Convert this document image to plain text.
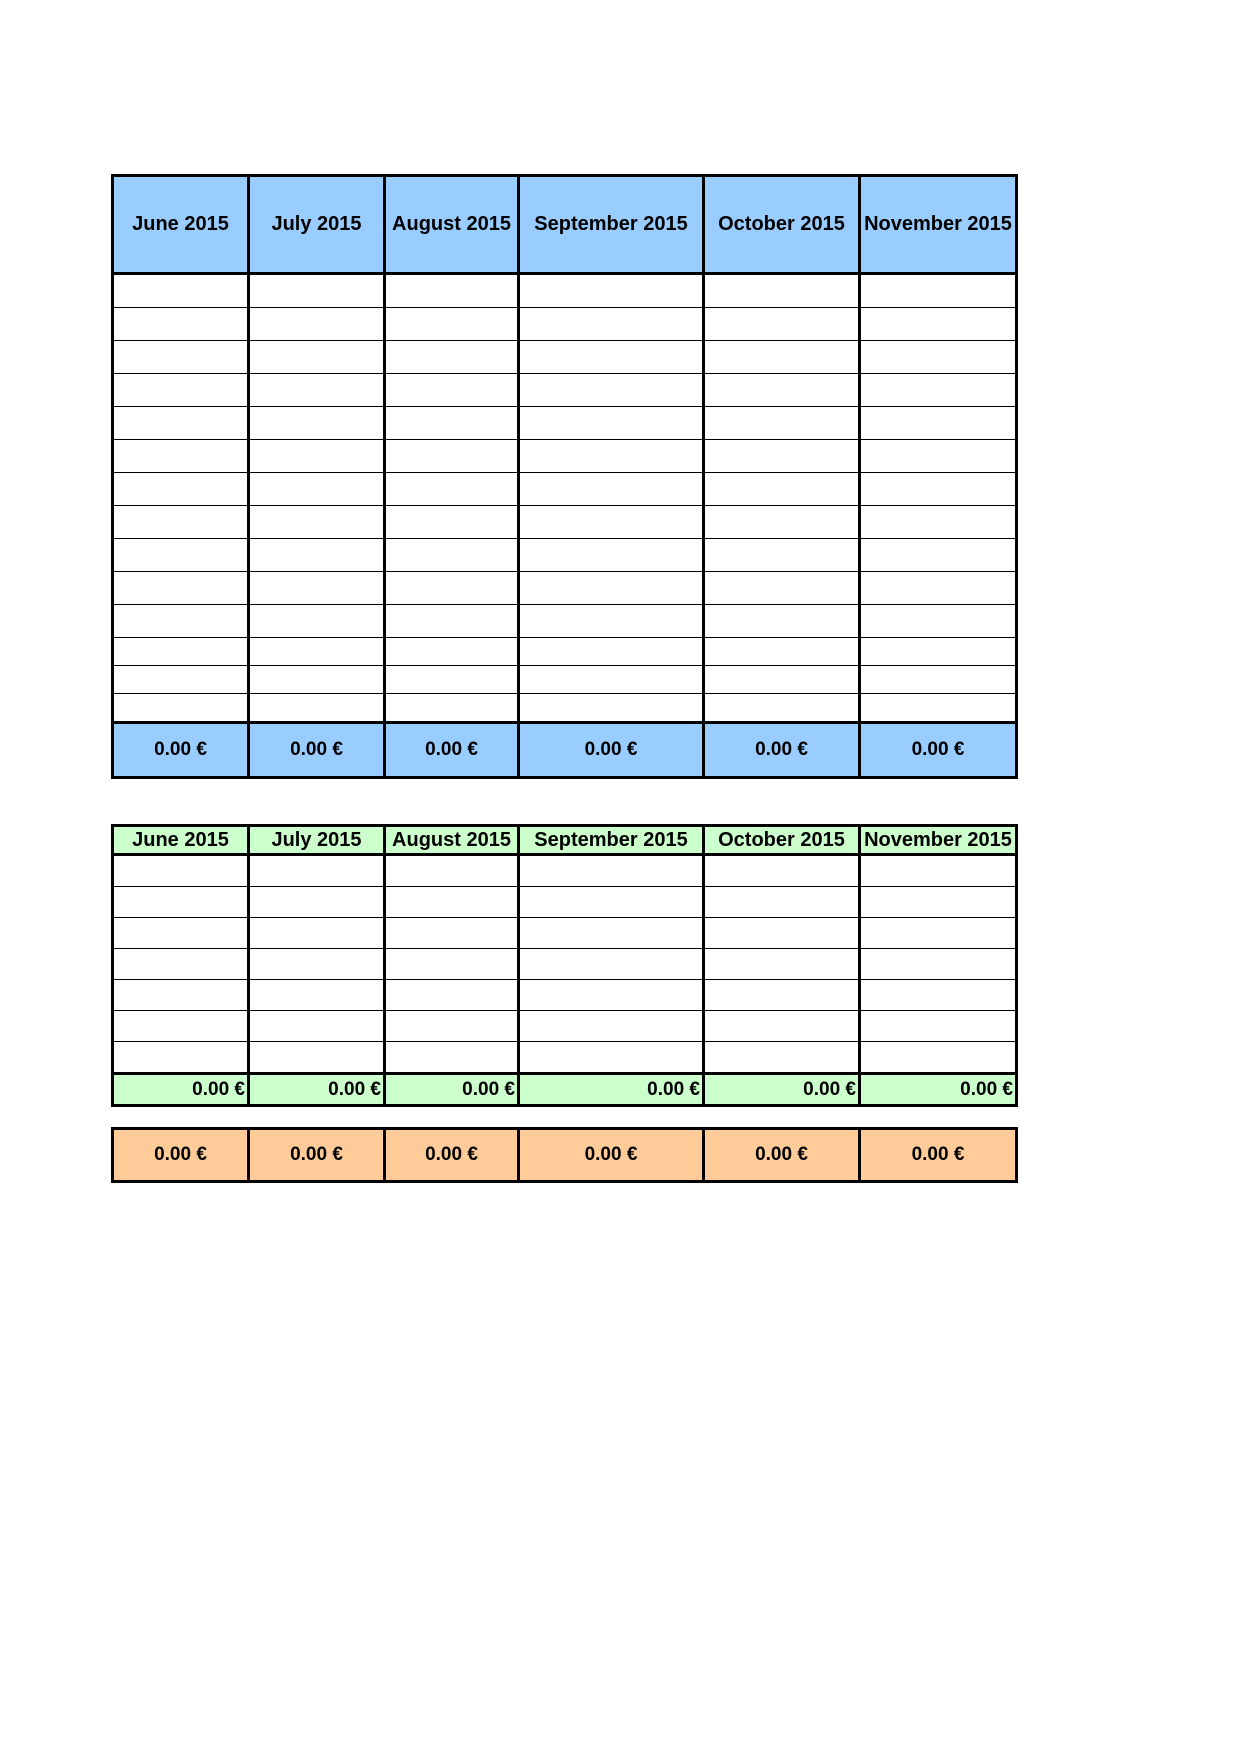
June 2015	July 2015	August 2015	September 2015	October 2015	November 2015

0.00 €	0.00 €	0.00 €	0.00 €	0.00 €	0.00 €
June 2015	July 2015	August 2015	September 2015	October 2015	November 2015

0.00 €	0.00 €	0.00 €	0.00 €	0.00 €	0.00 €
0.00 €	0.00 €	0.00 €	0.00 €	0.00 €	0.00 €
